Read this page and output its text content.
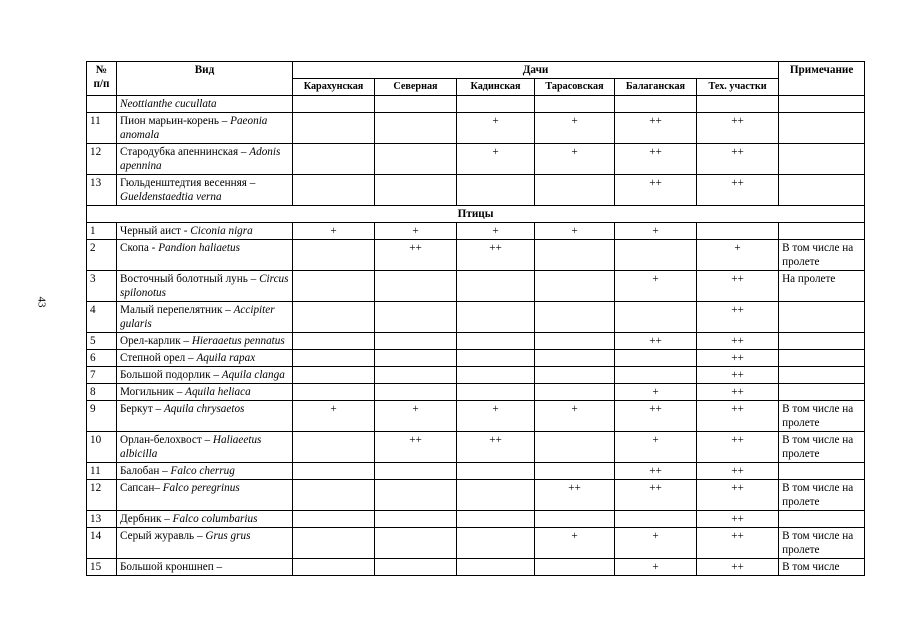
43
№
п/п	Вид	Дачи						Примечание
		Карахунская	Северная	Кадинская	Тарасовская	Балаганская	Тех. участки	
	Neottianthe cucullata							
11	Пион марьин-корень – Paeonia anomala			+	+	++	++	
12	Стародубка апеннинская – Adonis apennina			+	+	++	++	
13	Гюльденштедтия весенняя – Gueldenstaedtia verna					++	++	
Птицы								
1	Черный аист - Ciconia nigra	+	+	+	+	+		
2	Скопа - Pandion haliaetus		++	++			+	В том числе на пролете
3	Восточный болотный лунь – Circus spilonotus					+	++	На пролете
4	Малый перепелятник – Accipiter gularis						++	
5	Орел-карлик – Hieraaetus pennatus					++	++	
6	Степной орел – Aquila rapax						++	
7	Большой подорлик – Aquila clanga						++	
8	Могильник – Aquila heliaca					+	++	
9	Беркут – Aquila chrysaetos	+	+	+	+	++	++	В том числе на пролете
10	Орлан-белохвост – Haliaeetus albicilla		++	++		+	++	В том числе на пролете
11	Балобан – Falco cherrug					++	++	
12	Сапсан– Falco peregrinus				++	++	++	В том числе на пролете
13	Дербник – Falco columbarius						++	
14	Серый журавль – Grus grus				+	+	++	В том числе на пролете
15	Большой кроншнеп –					+	++	В том числе
